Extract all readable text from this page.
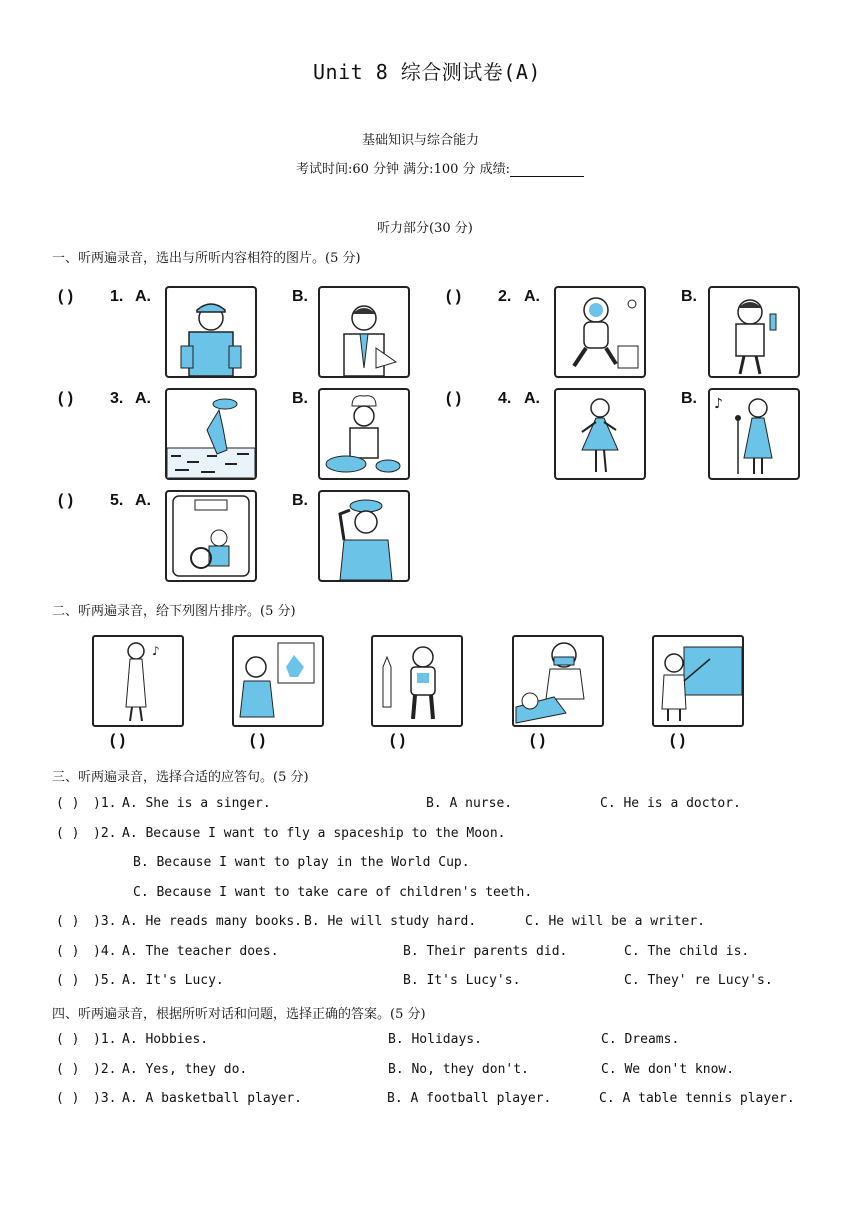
Unit 8 综合测试卷(A)
基础知识与综合能力
考试时间:60 分钟 满分:100 分 成绩:
听力部分(30 分)
一、听两遍录音，选出与所听内容相符的图片。(5 分)
( ) 1. A.	B.	( ) 2. A.	B.
( ) 3. A.	B.	( ) 4. A.	B. ♪
( ) 5. A.	B.
二、听两遍录音，给下列图片排序。(5 分)
♪
( )	( )	( )	( )	( )
三、听两遍录音，选择合适的应答句。(5 分)
( ) )1. A. She is a singer.	B. A nurse.	C. He is a doctor.
( ) )2. A. Because I want to fly a spaceship to the Moon.
B. Because I want to play in the World Cup.
C. Because I want to take care of children's teeth.
( ) )3. A. He reads many books. B. He will study hard.	C. He will be a writer.
( ) )4. A. The teacher does.	B. Their parents did.	C. The child is.
( ) )5. A. It's Lucy.	B. It's Lucy's.	C. They' re Lucy's.
四、听两遍录音，根据所听对话和问题，选择正确的答案。(5 分)
( ) )1. A. Hobbies.	B. Holidays.	C. Dreams.
( ) )2. A. Yes, they do.	B. No, they don't.	C. We don't know.
( ) )3. A. A basketball player.	B. A football player.	C. A table tennis player.
